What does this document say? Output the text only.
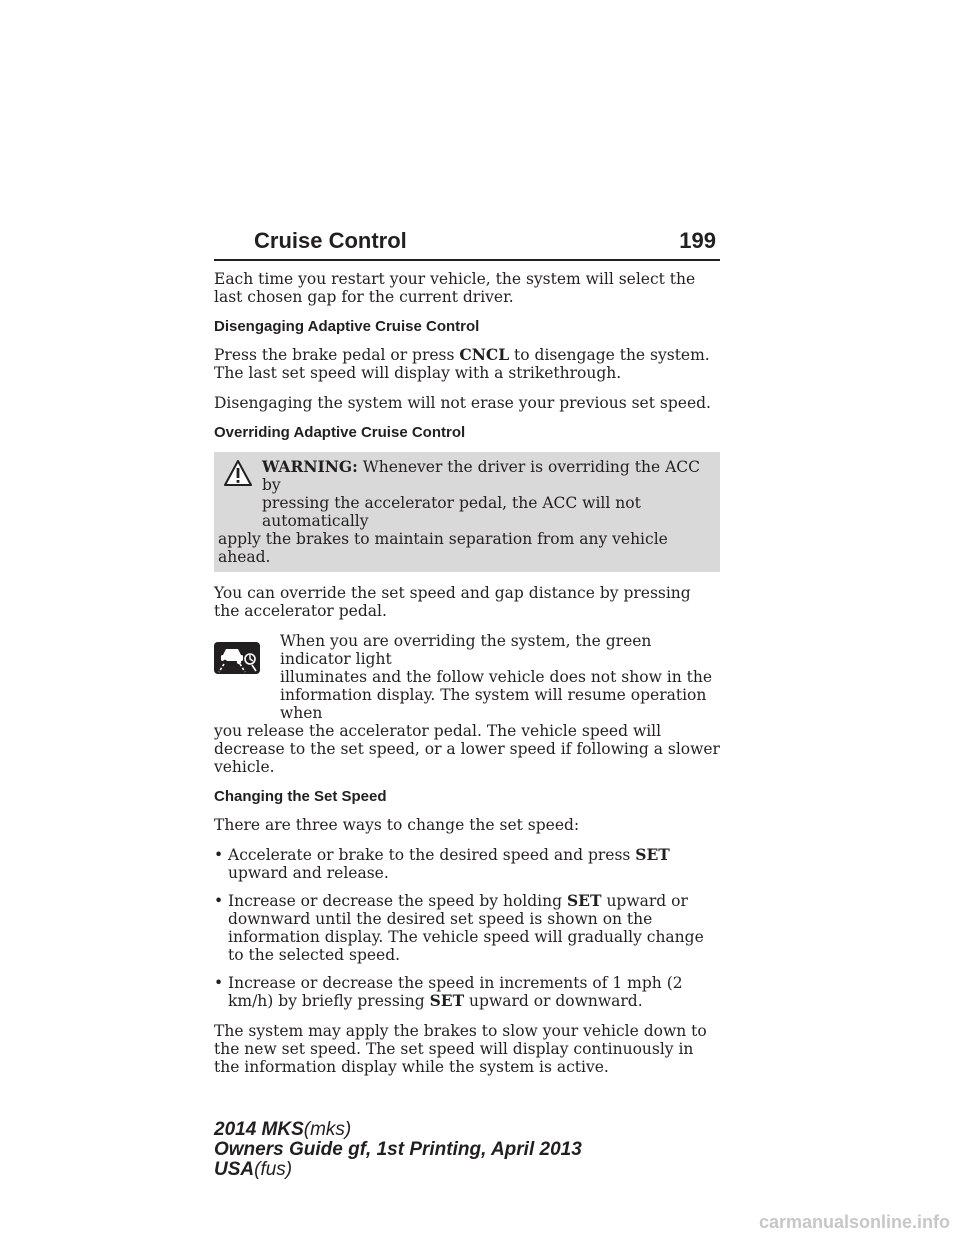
Cruise Control	199

Each time you restart your vehicle, the system will select the last chosen gap for the current driver.

Disengaging Adaptive Cruise Control

Press the brake pedal or press CNCL to disengage the system. The last set speed will display with a strikethrough.

Disengaging the system will not erase your previous set speed.

Overriding Adaptive Cruise Control
WARNING: Whenever the driver is overriding the ACC by
pressing the accelerator pedal, the ACC will not automatically
apply the brakes to maintain separation from any vehicle ahead.

You can override the set speed and gap distance by pressing the accelerator pedal.

When you are overriding the system, the green indicator light
illuminates and the follow vehicle does not show in the
information display. The system will resume operation when
you release the accelerator pedal. The vehicle speed will decrease to the set speed, or a lower speed if following a slower vehicle.
Changing the Set Speed

There are three ways to change the set speed:

• Accelerate or brake to the desired speed and press SET upward and release.
• Increase or decrease the speed by holding SET upward or downward until the desired set speed is shown on the information display. The vehicle speed will gradually change to the selected speed.
• Increase or decrease the speed in increments of 1 mph (2 km/h) by briefly pressing SET upward or downward.

The system may apply the brakes to slow your vehicle down to the new set speed. The set speed will display continuously in the information display while the system is active.

2014 MKS(mks)
Owners Guide gf, 1st Printing, April 2013
USA(fus)
carmanualsonline.info
